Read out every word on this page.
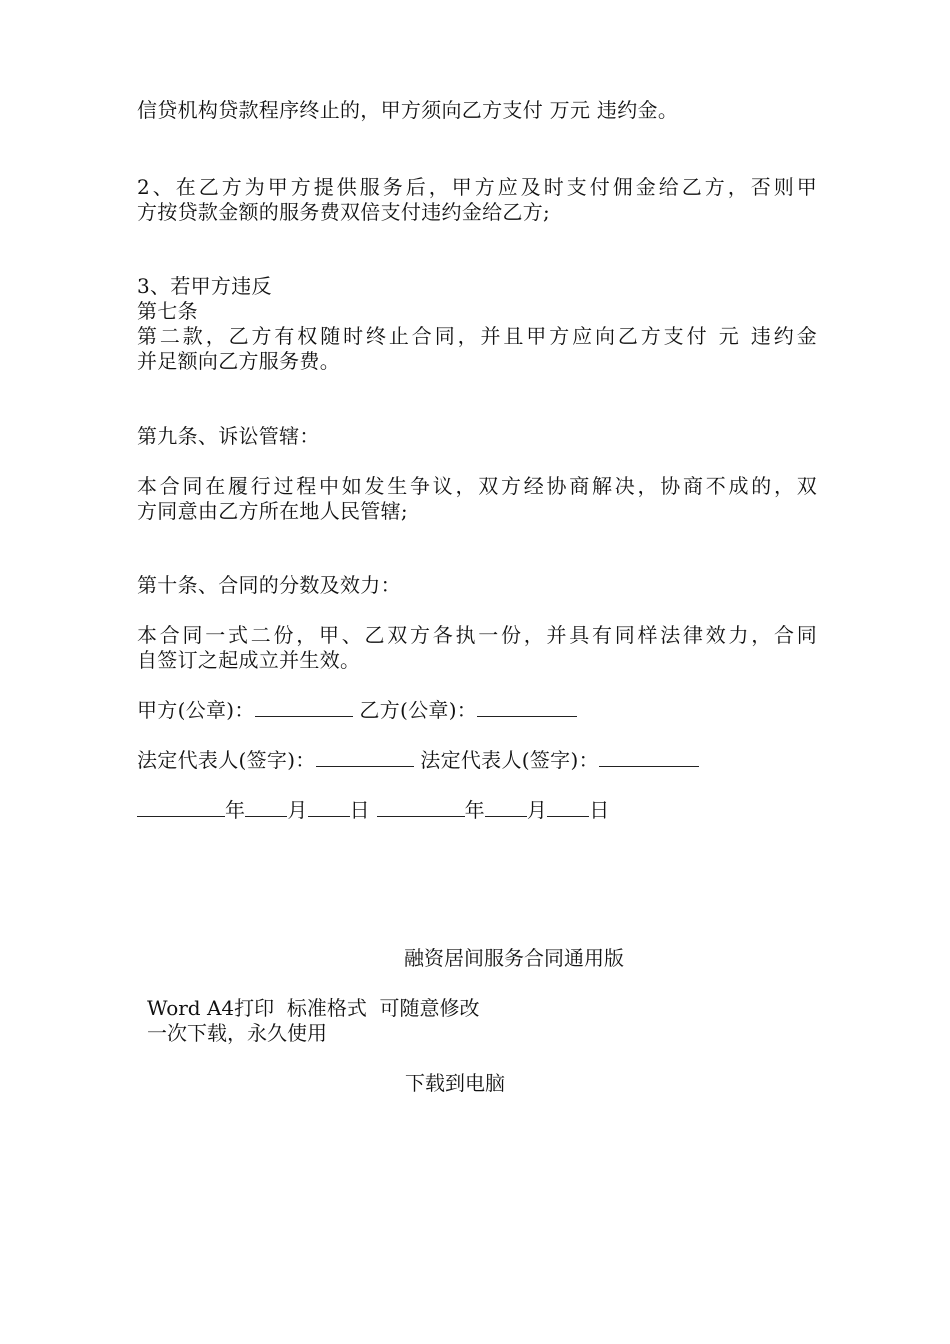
信贷机构贷款程序终止的，甲方须向乙方支付 万元 违约金。
2、在乙方为甲方提供服务后，甲方应及时支付佣金给乙方，否则甲
方按贷款金额的服务费双倍支付违约金给乙方;
3、若甲方违反
第七条
第二款，乙方有权随时终止合同，并且甲方应向乙方支付 元 违约金
并足额向乙方服务费。
第九条、诉讼管辖：
本合同在履行过程中如发生争议，双方经协商解决，协商不成的，双
方同意由乙方所在地人民管辖;
第十条、合同的分数及效力：
本合同一式二份，甲、乙双方各执一份，并具有同样法律效力，合同
自签订之起成立并生效。
甲方(公章)：	乙方(公章)：
法定代表人(签字)：	法定代表人(签字)：
年 月 日	年 月 日
融资居间服务合同通用版
Word A4打印  标准格式  可随意修改
一次下载，永久使用
下载到电脑
